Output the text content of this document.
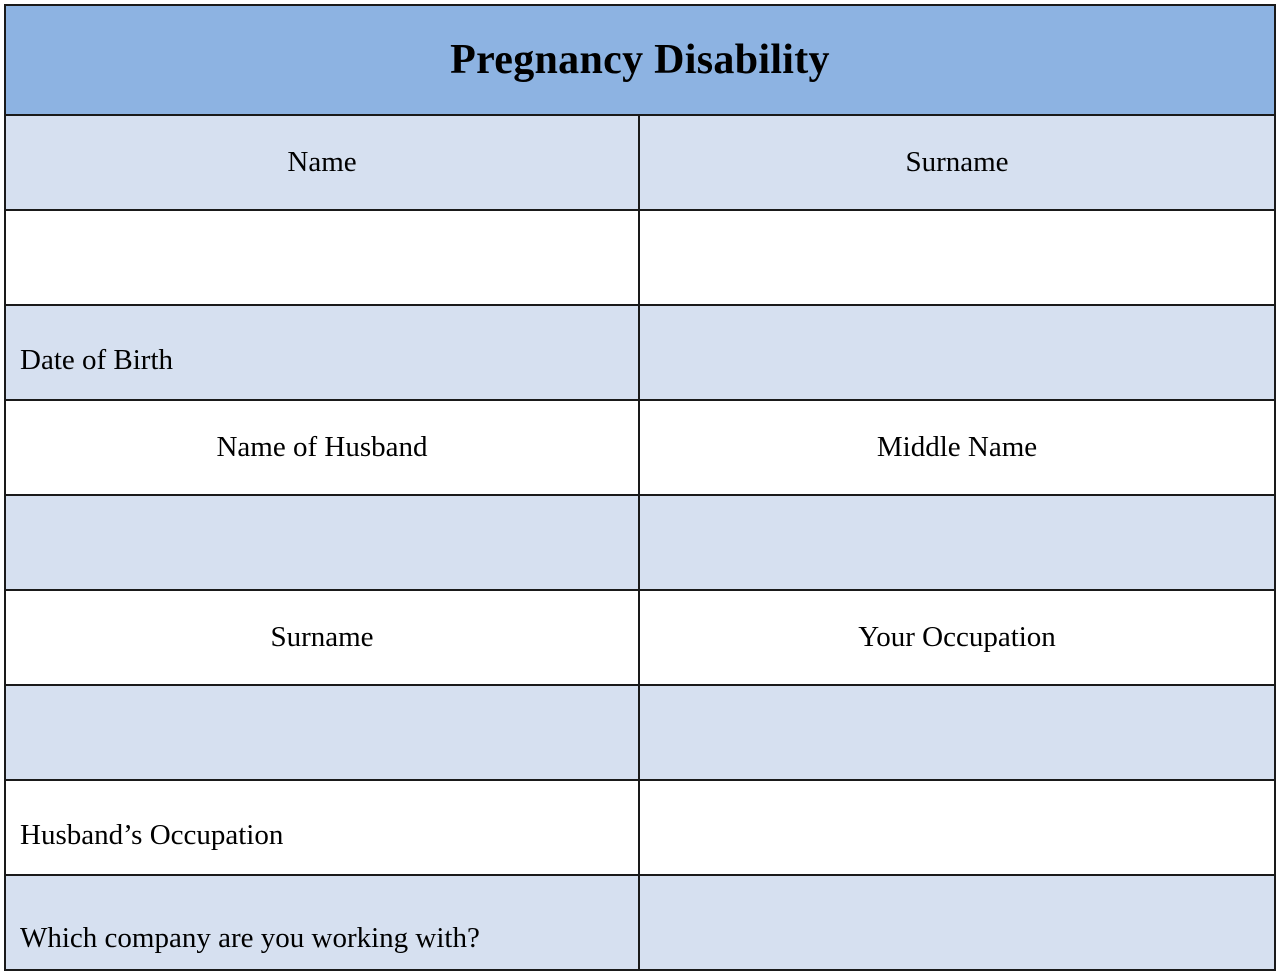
Pregnancy Disability
Name	Surname
Date of Birth
Name of Husband	Middle Name
Surname	Your Occupation
Husband’s Occupation
Which company are you working with?
